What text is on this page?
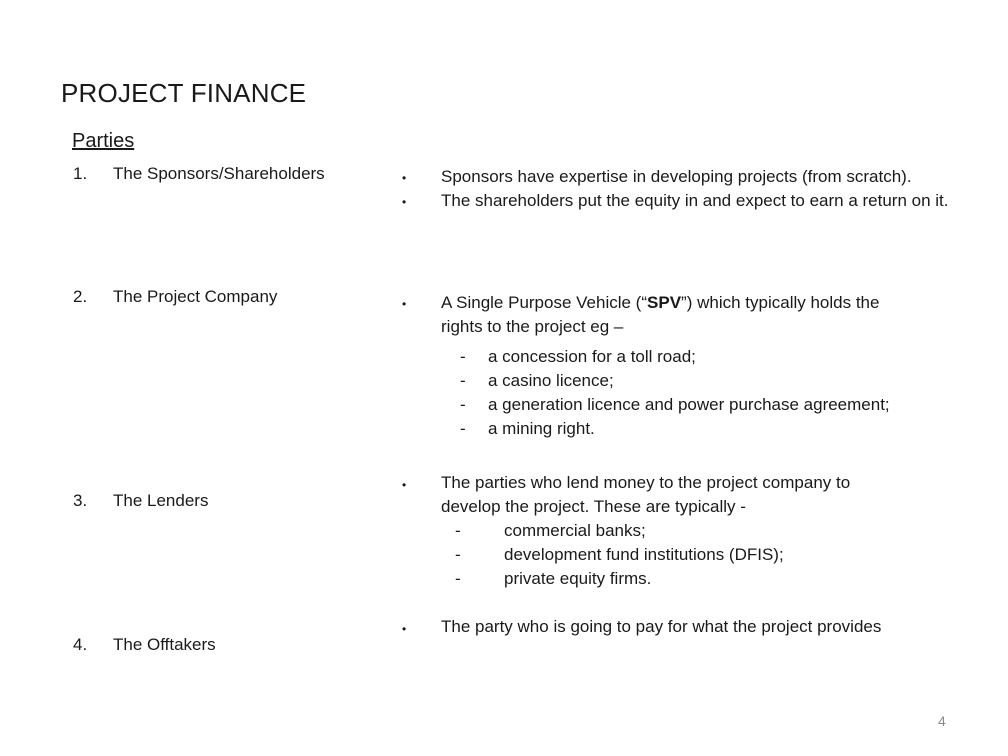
PROJECT FINANCE
Parties
1. The Sponsors/Shareholders	• Sponsors have expertise in developing projects (from scratch).
• The shareholders put the equity in and expect to earn a return on it.
2. The Project Company	• A Single Purpose Vehicle (“SPV”) which typically holds the rights to the project eg –
- a concession for a toll road;
- a casino licence;
- a generation licence and power purchase agreement;
- a mining right.
3. The Lenders
• The parties who lend money to the project company to develop the project. These are typically -
-	commercial banks;
-	development fund institutions (DFIS);
-	private equity firms.
4. The Offtakers
• The party who is going to pay for what the project provides
4
